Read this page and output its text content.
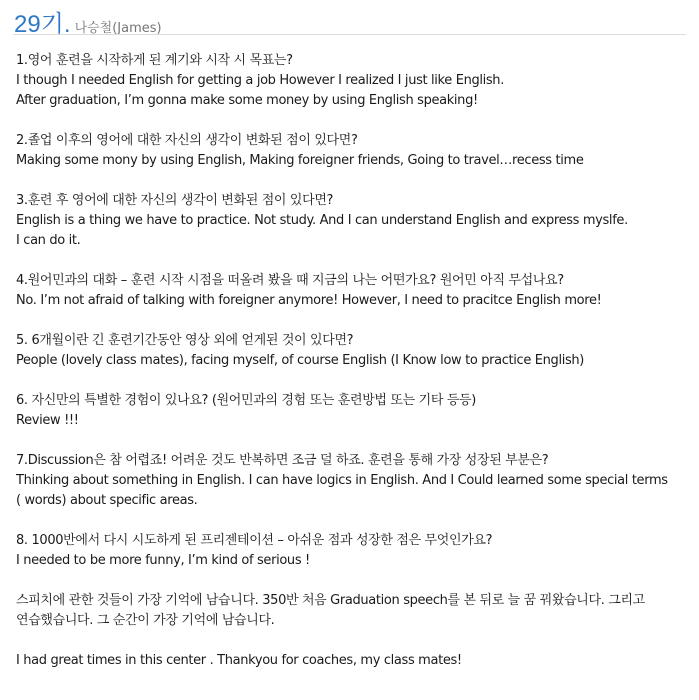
29기. 나승철(James)
1.영어 훈련을 시작하게 된 계기와 시작 시 목표는?
I though I needed English for getting a job However I realized I just like English.
After graduation, I’m gonna make some money by using English speaking!
2.졸업 이후의 영어에 대한 자신의 생각이 변화된 점이 있다면?
Making some mony by using English, Making foreigner friends, Going to travel…recess time
3.훈련 후 영어에 대한 자신의 생각이 변화된 점이 있다면?
English is a thing we have to practice. Not study. And I can understand English and express myslfe.
I can do it.
4.원어민과의 대화 – 훈련 시작 시점을 떠올려 봤을 때 지금의 나는 어떤가요? 원어민 아직 무섭나요?
No. I’m not afraid of talking with foreigner anymore! However, I need to pracitce English more!
5. 6개월이란 긴 훈련기간동안 영상 외에 얻게된 것이 있다면?
People (lovely class mates), facing myself, of course English (I Know low to practice English)
6. 자신만의 특별한 경험이 있나요? (원어민과의 경험 또는 훈련방법 또는 기타 등등)
Review !!!
7.Discussion은 참 어렵죠! 어려운 것도 반복하면 조금 덜 하죠. 훈련을 통해 가장 성장된 부분은?
Thinking about something in English. I can have logics in English. And I Could learned some special terms
( words) about specific areas.
8. 1000반에서 다시 시도하게 된 프리젠테이션 – 아쉬운 점과 성장한 점은 무엇인가요?
I needed to be more funny, I’m kind of serious !
스피치에 관한 것들이 가장 기억에 남습니다. 350반 처음 Graduation speech를 본 뒤로 늘 꿈 꿔왔습니다. 그리고
연습했습니다. 그 순간이 가장 기억에 남습니다.
I had great times in this center . Thankyou for coaches, my class mates!
